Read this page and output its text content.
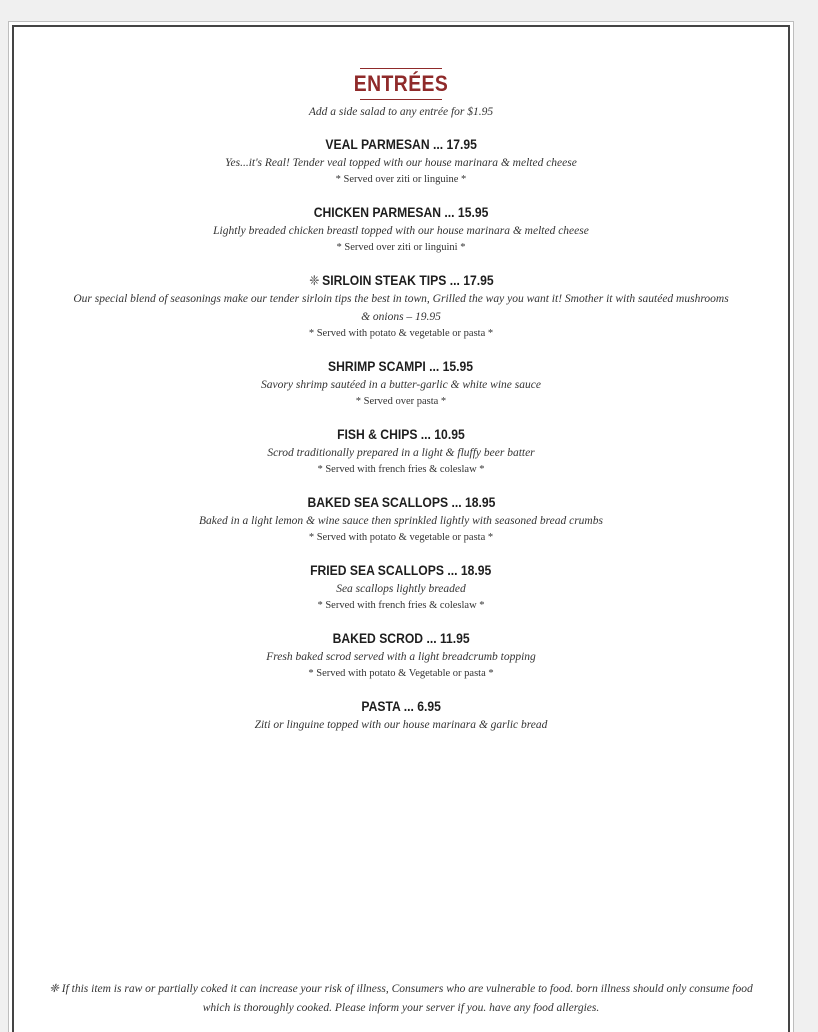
ENTRÉES
Add a side salad to any entrée for $1.95
VEAL PARMESAN ... 17.95
Yes...it's Real! Tender veal topped with our house marinara & melted cheese
* Served over ziti or linguine *
CHICKEN PARMESAN ... 15.95
Lightly breaded chicken breastl topped with our house marinara & melted cheese
* Served over ziti or linguini *
❈ SIRLOIN STEAK TIPS ... 17.95
Our special blend of seasonings make our tender sirloin tips the best in town, Grilled the way you want it! Smother it with sautéed mushrooms & onions – 19.95
* Served with potato & vegetable or pasta *
SHRIMP SCAMPI ... 15.95
Savory shrimp sautéed in a butter-garlic & white wine sauce
* Served over pasta *
FISH & CHIPS ... 10.95
Scrod traditionally prepared in a light & fluffy beer batter
* Served with french fries & coleslaw *
BAKED SEA SCALLOPS ... 18.95
Baked in a light lemon & wine sauce then sprinkled lightly with seasoned bread crumbs
* Served with potato & vegetable or pasta *
FRIED SEA SCALLOPS ... 18.95
Sea scallops lightly breaded
* Served with french fries & coleslaw *
BAKED SCROD ... 11.95
Fresh baked scrod served with a light breadcrumb topping
* Served with potato & Vegetable or pasta *
PASTA ... 6.95
Ziti or linguine topped with our house marinara & garlic bread
❈ If this item is raw or partially coked it can increase your risk of illness, Consumers who are vulnerable to food. born illness should only consume food which is thoroughly cooked. Please inform your server if you. have any food allergies.
